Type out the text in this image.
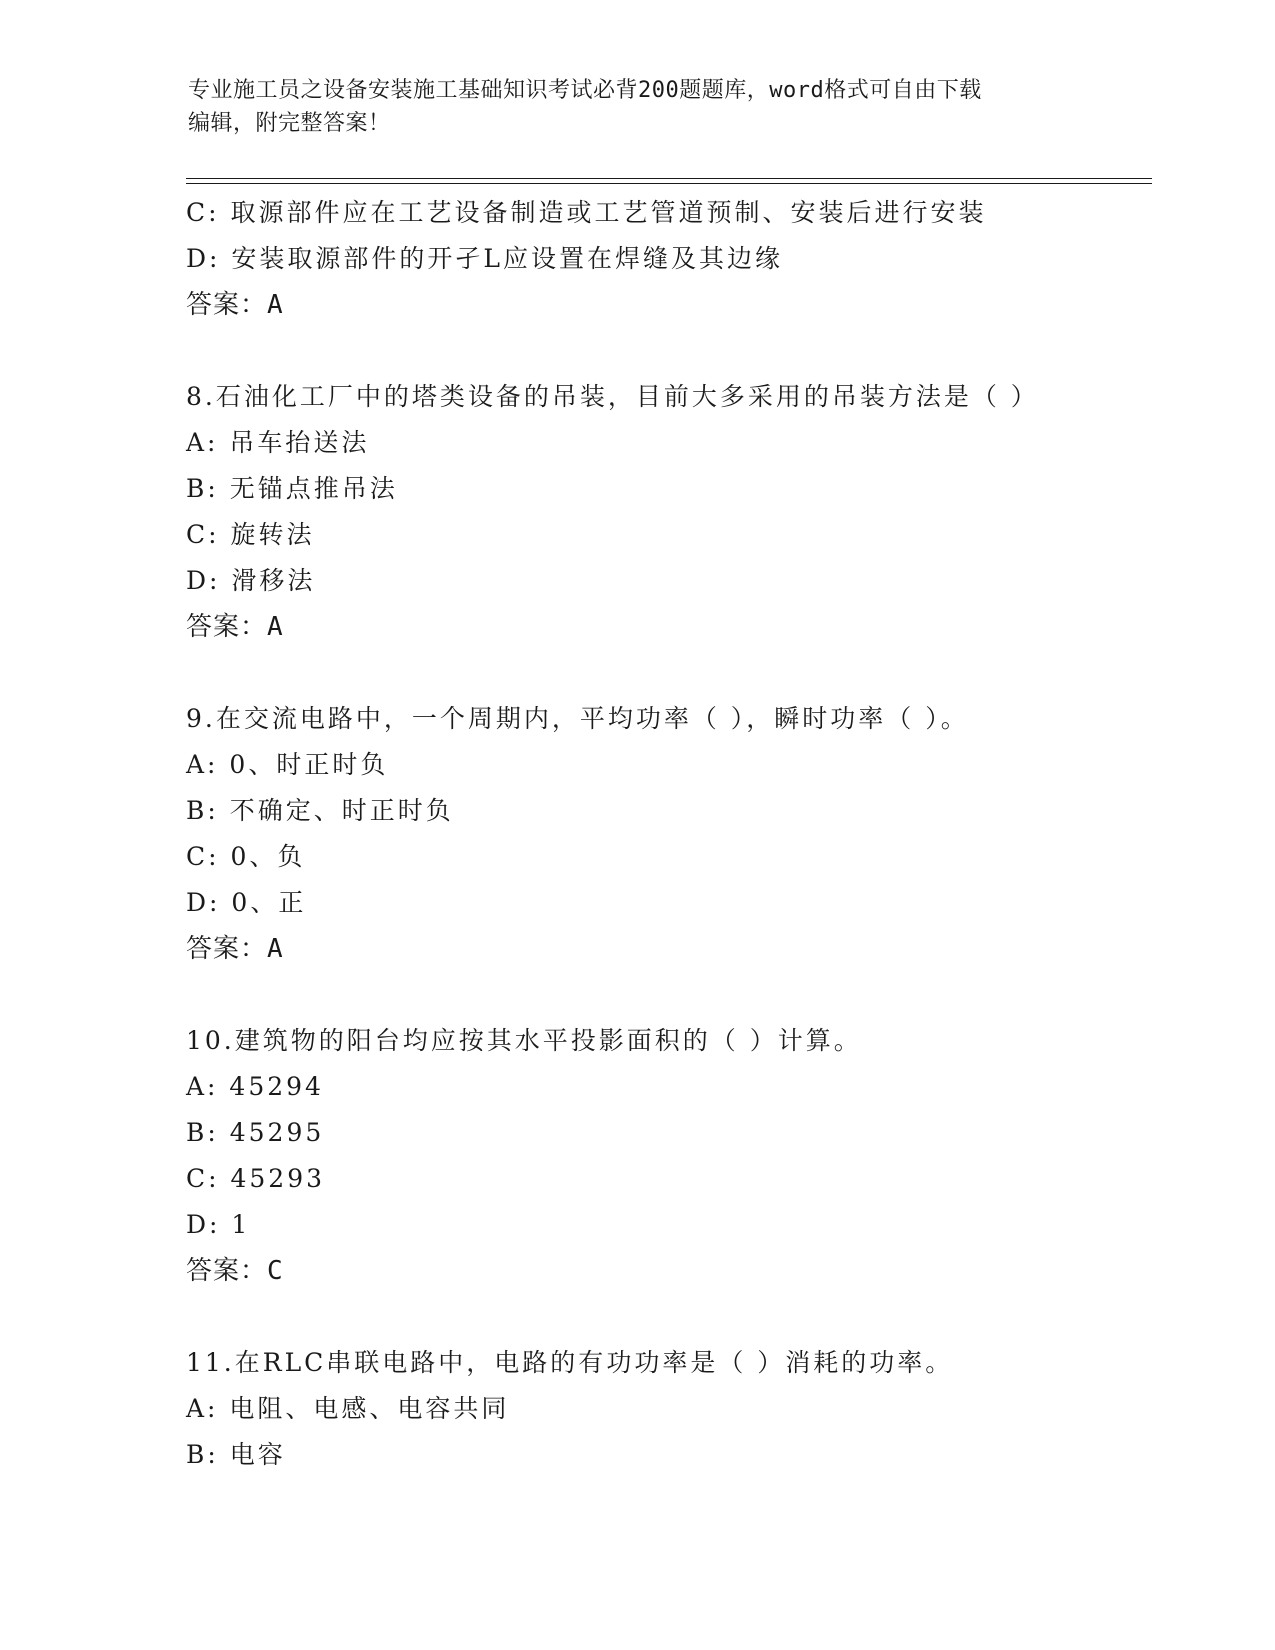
专业施工员之设备安装施工基础知识考试必背200题题库，word格式可自由下载
编辑，附完整答案！
C: 取源部件应在工艺设备制造或工艺管道预制、安装后进行安装
D: 安装取源部件的开孑L应设置在焊缝及其边缘
答案：A
8.石油化工厂中的塔类设备的吊装，目前大多采用的吊装方法是（ ）
A: 吊车抬送法
B: 无锚点推吊法
C: 旋转法
D: 滑移法
答案：A
9.在交流电路中，一个周期内，平均功率（ ），瞬时功率（ ）。
A: 0、时正时负
B: 不确定、时正时负
C: 0、负
D: 0、正
答案：A
10.建筑物的阳台均应按其水平投影面积的（ ）计算。
A: 45294
B: 45295
C: 45293
D: 1
答案：C
11.在RLC串联电路中，电路的有功功率是（ ）消耗的功率。
A: 电阻、电感、电容共同
B: 电容
